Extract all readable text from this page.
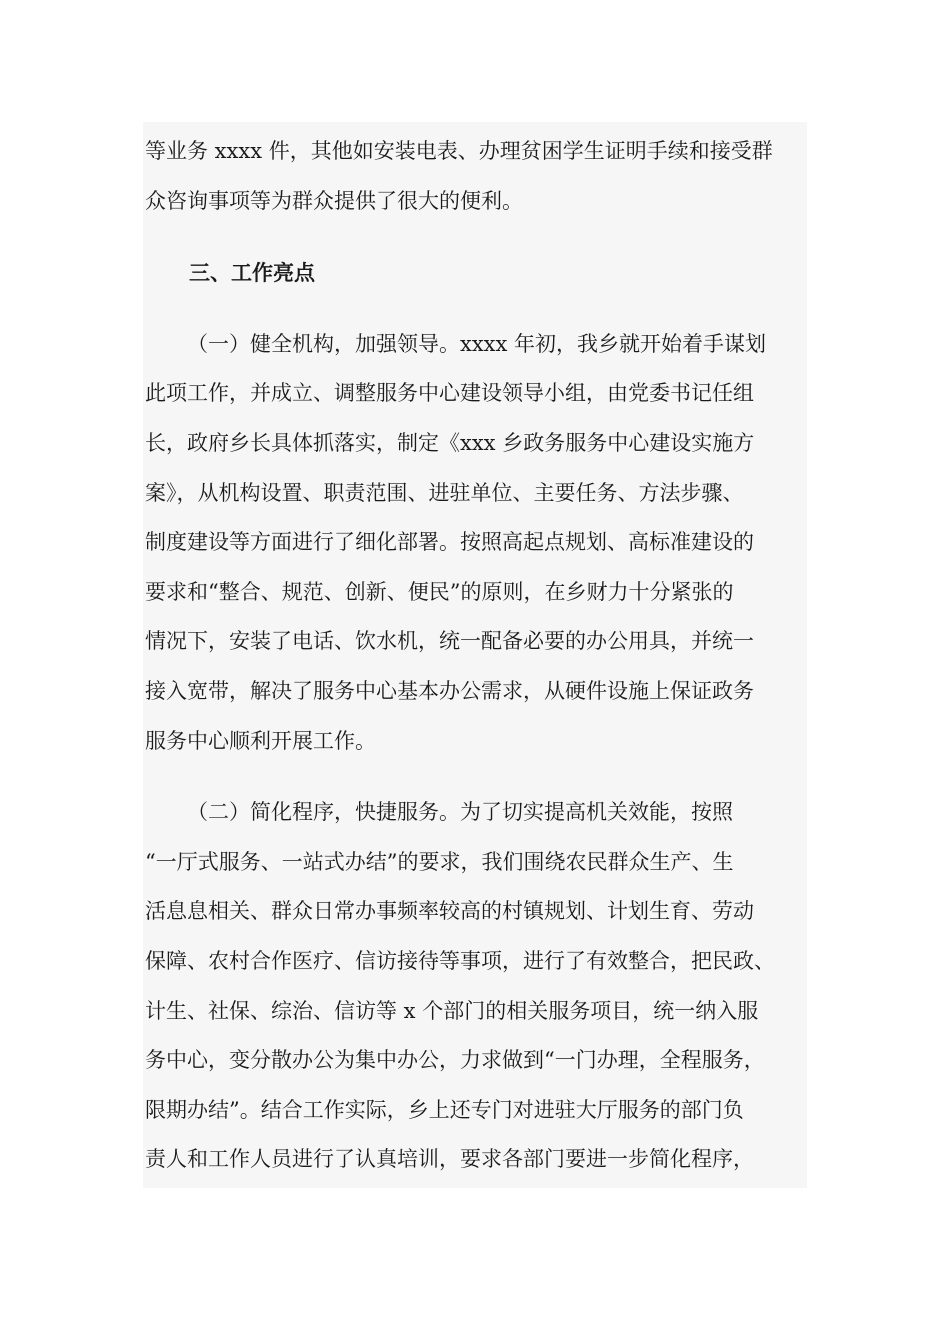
等业务 xxxx 件，其他如安装电表、办理贫困学生证明手续和接受群
众咨询事项等为群众提供了很大的便利。

三、工作亮点

（一）健全机构，加强领导。xxxx 年初，我乡就开始着手谋划
此项工作，并成立、调整服务中心建设领导小组，由党委书记任组
长，政府乡长具体抓落实，制定《xxx 乡政务服务中心建设实施方
案》，从机构设置、职责范围、进驻单位、主要任务、方法步骤、
制度建设等方面进行了细化部署。按照高起点规划、高标准建设的
要求和“整合、规范、创新、便民”的原则，在乡财力十分紧张的
情况下，安装了电话、饮水机，统一配备必要的办公用具，并统一
接入宽带，解决了服务中心基本办公需求，从硬件设施上保证政务
服务中心顺利开展工作。

（二）简化程序，快捷服务。为了切实提高机关效能，按照
“一厅式服务、一站式办结”的要求，我们围绕农民群众生产、生
活息息相关、群众日常办事频率较高的村镇规划、计划生育、劳动
保障、农村合作医疗、信访接待等事项，进行了有效整合，把民政、
计生、社保、综治、信访等 x 个部门的相关服务项目，统一纳入服
务中心，变分散办公为集中办公，力求做到“一门办理，全程服务，
限期办结”。结合工作实际，乡上还专门对进驻大厅服务的部门负
责人和工作人员进行了认真培训，要求各部门要进一步简化程序，
